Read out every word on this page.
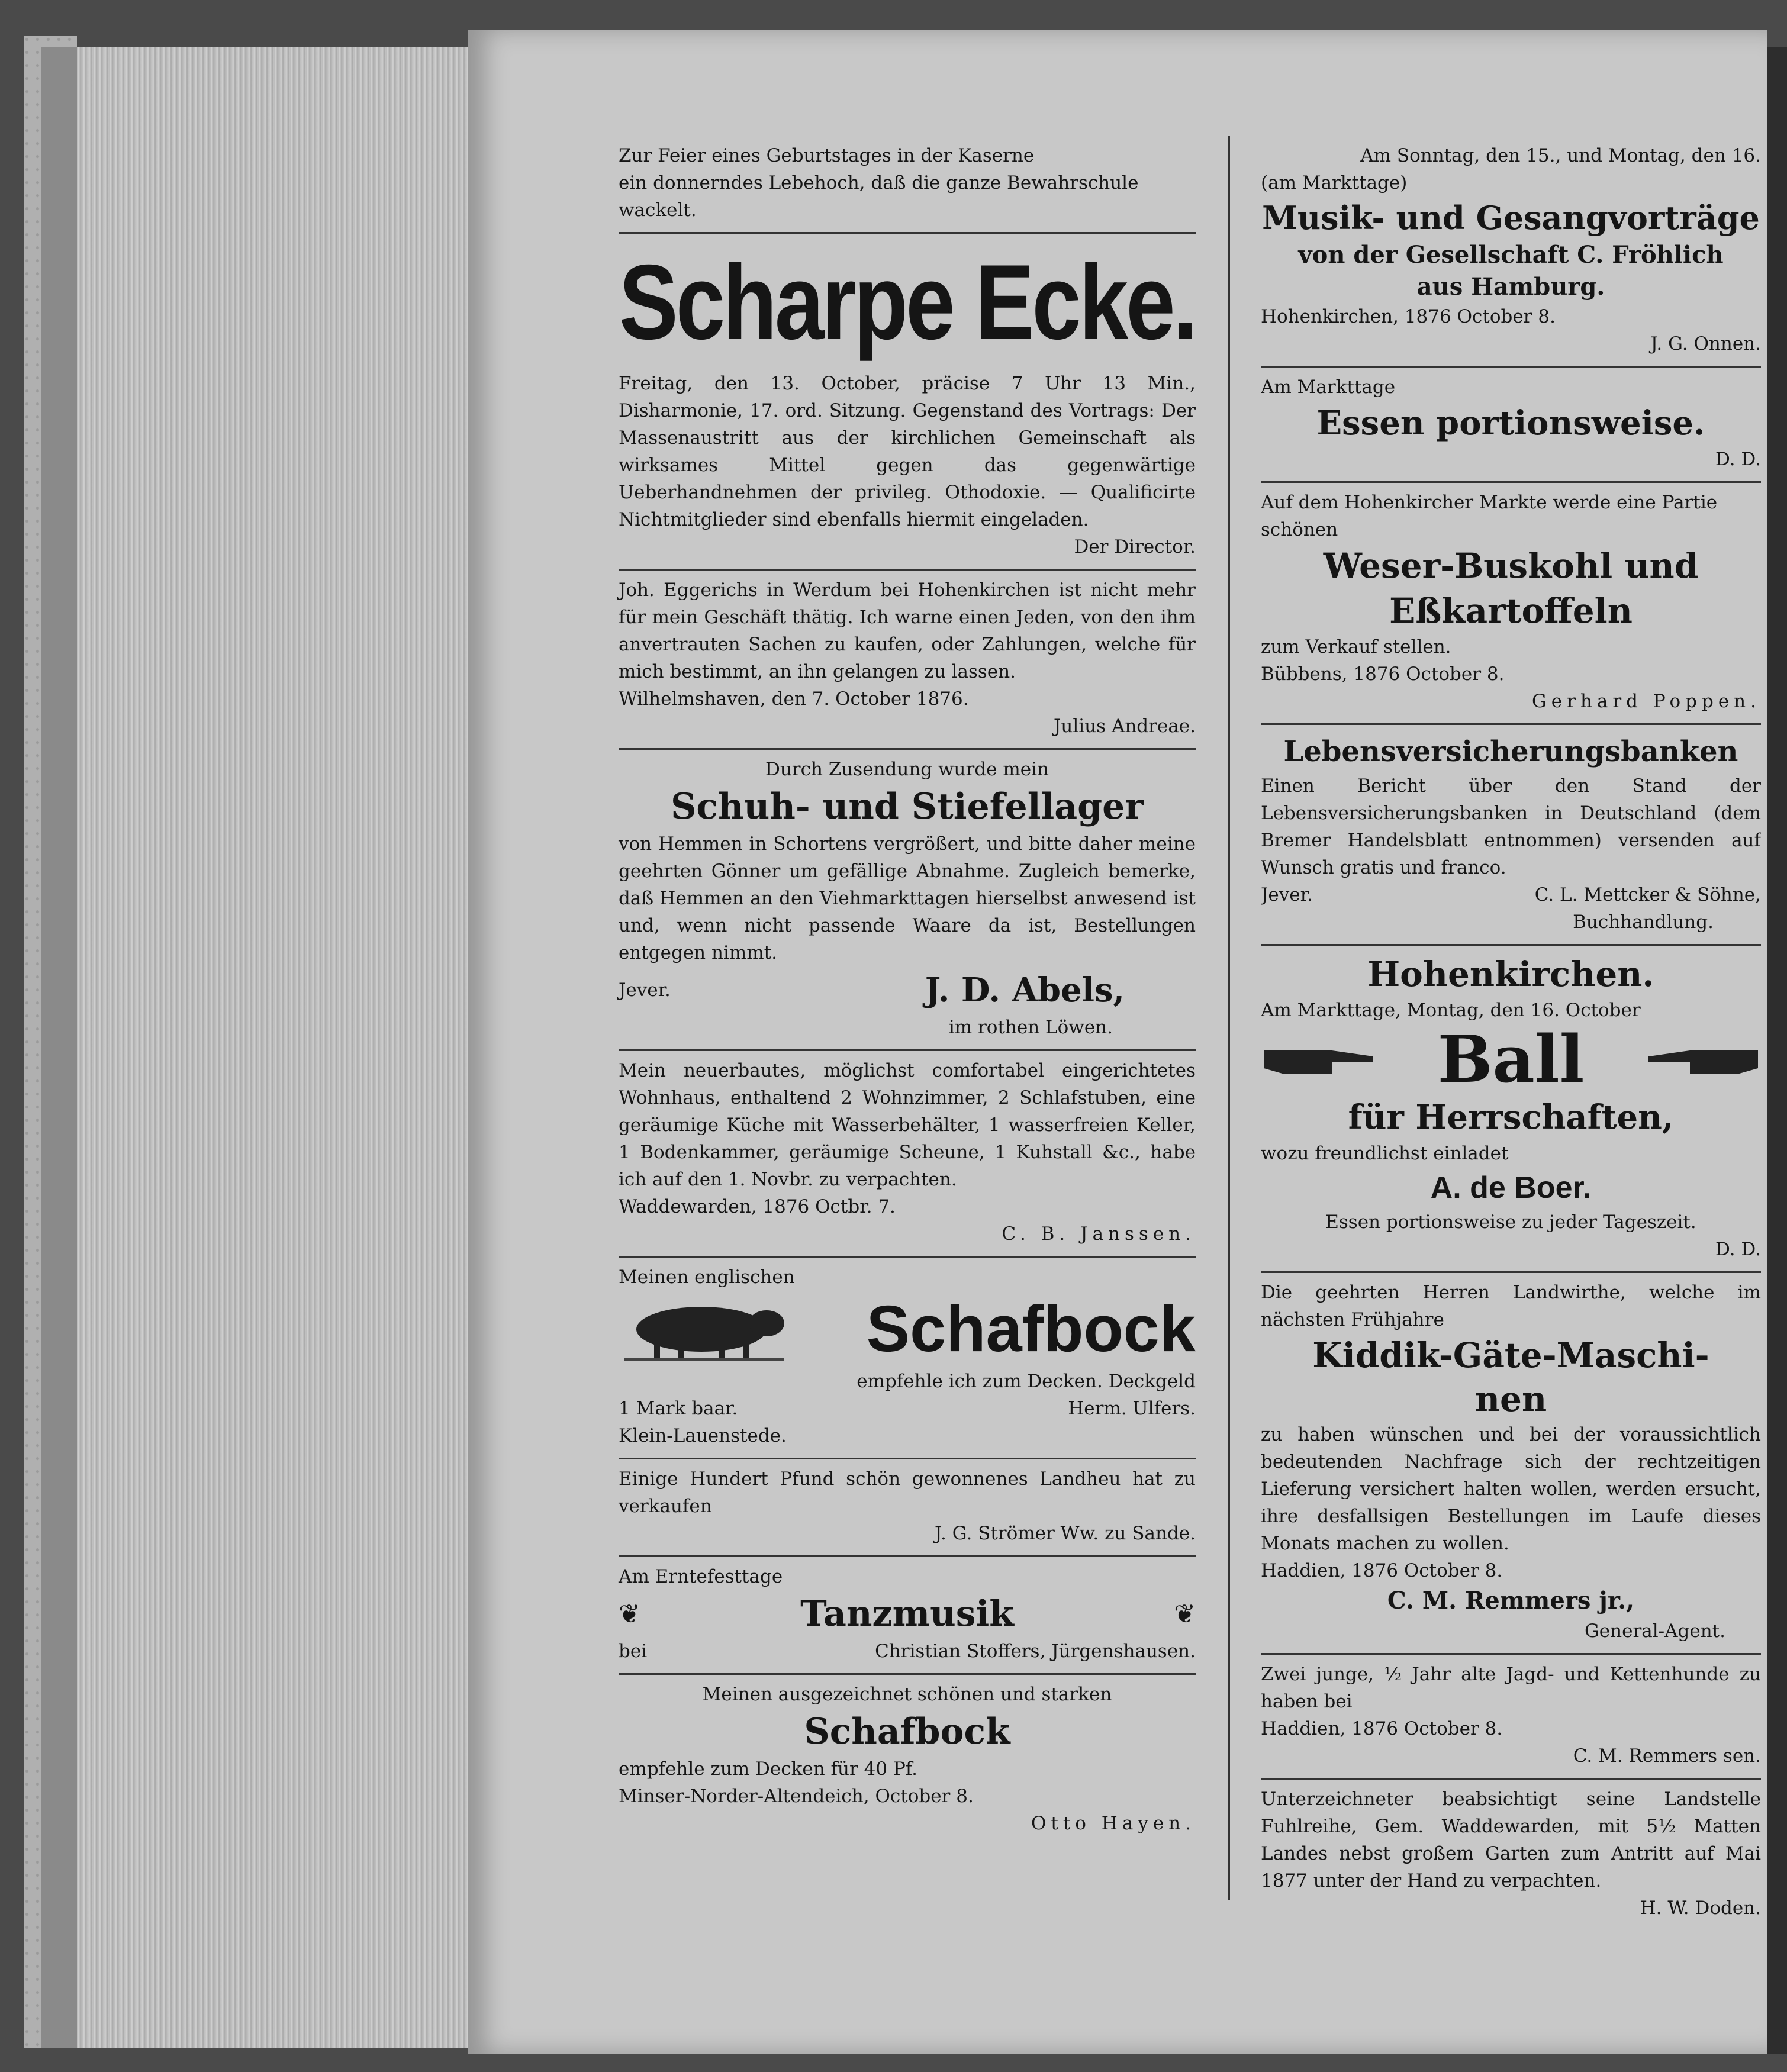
Zur Feier eines Geburtstages in der Kaserne

ein donnerndes Lebehoch, daß die ganze Bewahrschule

wackelt.

Scharpe Ecke.

Freitag, den 13. October, präcise 7 Uhr 13 Min., Disharmonie, 17. ord. Sitzung. Gegenstand des Vortrags: Der Massenaustritt aus der kirchlichen Gemeinschaft als wirksames Mittel gegen das gegenwärtige Ueberhandnehmen der privileg. Othodoxie. — Qualificirte Nichtmitglieder sind ebenfalls hiermit eingeladen.

Der Director.

Joh. Eggerichs in Werdum bei Hohenkirchen ist nicht mehr für mein Geschäft thätig. Ich warne einen Jeden, von den ihm anvertrauten Sachen zu kaufen, oder Zahlungen, welche für mich bestimmt, an ihn gelangen zu lassen.

Wilhelmshaven, den 7. October 1876.

Julius Andreae.

Durch Zusendung wurde mein

Schuh- und Stiefellager

von Hemmen in Schortens vergrößert, und bitte daher meine geehrten Gönner um gefällige Abnahme. Zugleich bemerke, daß Hemmen an den Viehmarkttagen hierselbst anwesend ist und, wenn nicht passende Waare da ist, Bestellungen entgegen nimmt.

Jever.	J. D. Abels,

im rothen Löwen.

Mein neuerbautes, möglichst comfortabel eingerichtetes Wohnhaus, enthaltend 2 Wohnzimmer, 2 Schlafstuben, eine geräumige Küche mit Wasserbehälter, 1 wasserfreien Keller, 1 Bodenkammer, geräumige Scheune, 1 Kuhstall &c., habe ich auf den 1. Novbr. zu verpachten.

Waddewarden, 1876 Octbr. 7.

C. B. Janssen.

Meinen englischen

Schafbock

empfehle ich zum Decken. Deckgeld

1 Mark baar.	Herm. Ulfers.

Klein-Lauenstede.

Einige Hundert Pfund schön gewonnenes Landheu hat zu verkaufen

J. G. Strömer Ww. zu Sande.

Am Erntefesttage

❦	Tanzmusik	❦

bei	Christian Stoffers, Jürgenshausen.

Meinen ausgezeichnet schönen und starken

Schafbock

empfehle zum Decken für 40 Pf.

Minser-Norder-Altendeich, October 8.

Otto Hayen.

Am Sonntag, den 15., und Montag, den 16.

(am Markttage)

Musik- und Gesangvorträge
von der Gesellschaft C. Fröhlich
aus Hamburg.

Hohenkirchen, 1876 October 8.

J. G. Onnen.

Am Markttage

Essen portionsweise.

D. D.

Auf dem Hohenkircher Markte werde eine Partie

schönen

Weser-Buskohl und
Eßkartoffeln

zum Verkauf stellen.

Bübbens, 1876 October 8.

Gerhard Poppen.

Lebensversicherungsbanken

Einen Bericht über den Stand der Lebensversicherungsbanken in Deutschland (dem Bremer Handelsblatt entnommen) versenden auf Wunsch gratis und franco.

Jever.	C. L. Mettcker & Söhne,

Buchhandlung.

Hohenkirchen.

Am Markttage, Montag, den 16. October

Ball
für Herrschaften,

wozu freundlichst einladet

A. de Boer.

Essen portionsweise zu jeder Tageszeit.

D. D.

Die geehrten Herren Landwirthe, welche im nächsten Frühjahre

Kiddik-Gäte-Maschi-
nen

zu haben wünschen und bei der voraussichtlich bedeutenden Nachfrage sich der rechtzeitigen Lieferung versichert halten wollen, werden ersucht, ihre desfallsigen Bestellungen im Laufe dieses Monats machen zu wollen.

Haddien, 1876 October 8.

C. M. Remmers jr.,

General-Agent.

Zwei junge, ½ Jahr alte Jagd- und Kettenhunde zu haben bei

Haddien, 1876 October 8.

C. M. Remmers sen.

Unterzeichneter beabsichtigt seine Landstelle Fuhlreihe, Gem. Waddewarden, mit 5½ Matten Landes nebst großem Garten zum Antritt auf Mai 1877 unter der Hand zu verpachten.

H. W. Doden.
